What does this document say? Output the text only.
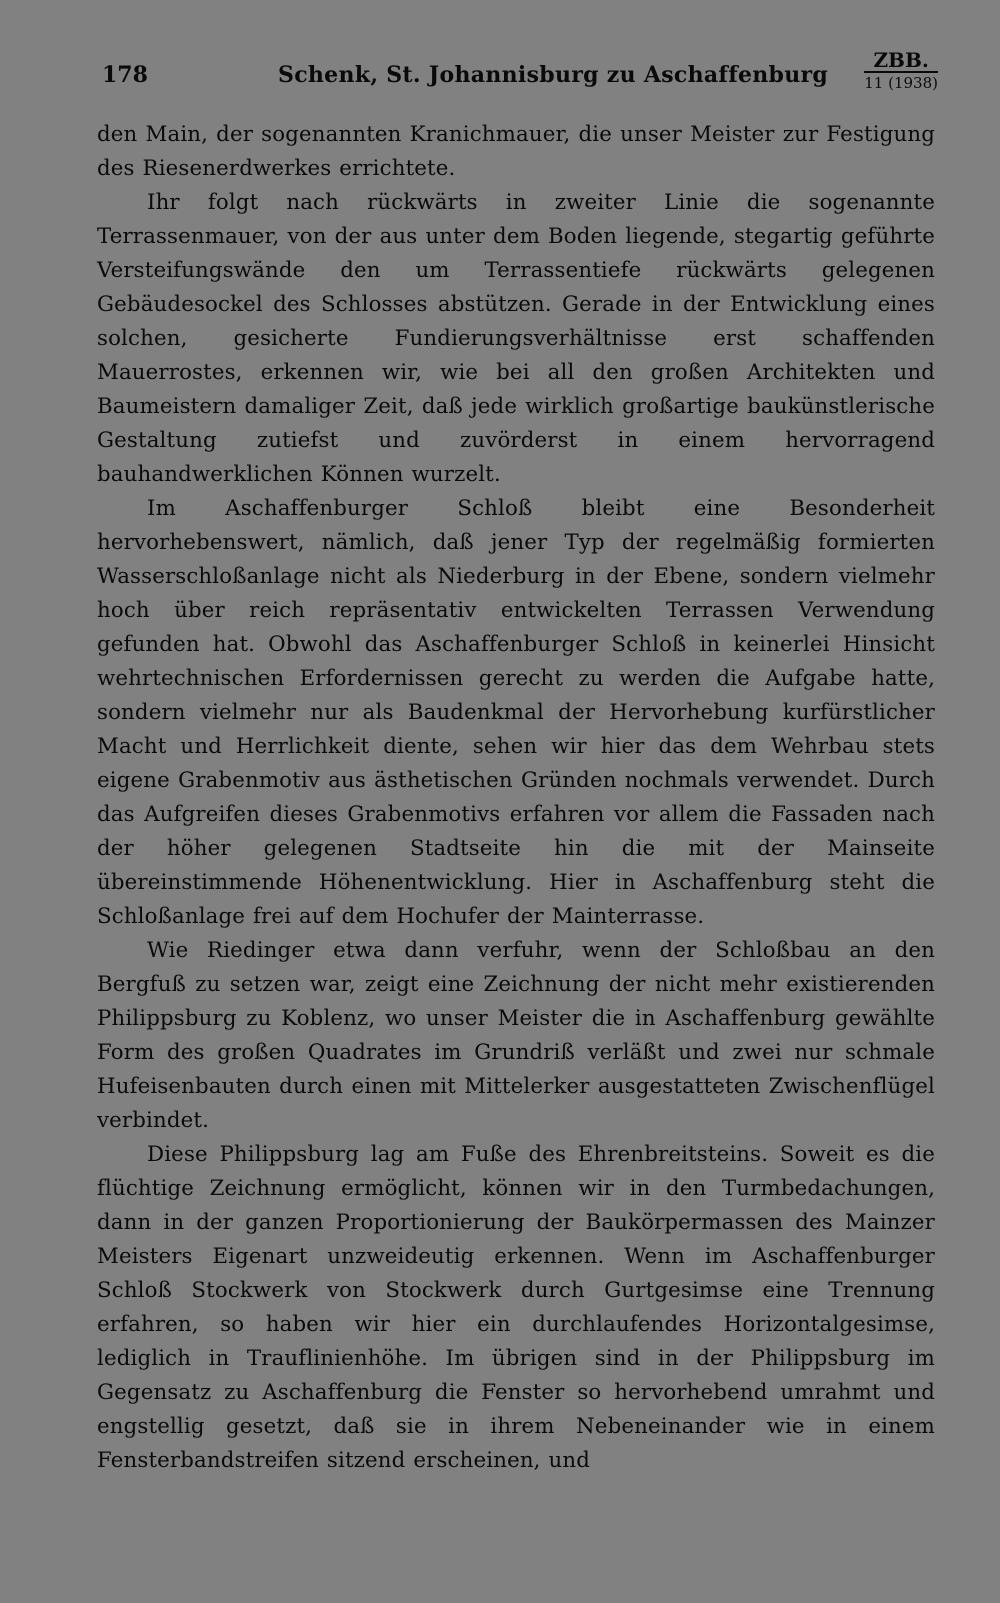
178	Schenk, St. Johannisburg zu Aschaffenburg
ZBB.
11 (1938)

den Main, der sogenannten Kranichmauer, die unser Meister zur Festigung des Riesenerdwerkes errichtete.

Ihr folgt nach rückwärts in zweiter Linie die sogenannte Terrassenmauer, von der aus unter dem Boden liegende, stegartig geführte Versteifungswände den um Terrassentiefe rückwärts gelegenen Gebäudesockel des Schlosses abstützen. Gerade in der Entwicklung eines solchen, gesicherte Fundierungsverhältnisse erst schaffenden Mauerrostes, erkennen wir, wie bei all den großen Architekten und Baumeistern damaliger Zeit, daß jede wirklich großartige baukünstlerische Gestaltung zutiefst und zuvörderst in einem hervorragend bauhandwerklichen Können wurzelt.

Im Aschaffenburger Schloß bleibt eine Besonderheit hervorhebenswert, nämlich, daß jener Typ der regelmäßig formierten Wasserschloßanlage nicht als Niederburg in der Ebene, sondern vielmehr hoch über reich repräsentativ entwickelten Terrassen Verwendung gefunden hat. Obwohl das Aschaffenburger Schloß in keinerlei Hinsicht wehrtechnischen Erfordernissen gerecht zu werden die Aufgabe hatte, sondern vielmehr nur als Baudenkmal der Hervorhebung kurfürstlicher Macht und Herrlichkeit diente, sehen wir hier das dem Wehrbau stets eigene Grabenmotiv aus ästhetischen Gründen nochmals verwendet. Durch das Aufgreifen dieses Grabenmotivs erfahren vor allem die Fassaden nach der höher gelegenen Stadtseite hin die mit der Mainseite übereinstimmende Höhenentwicklung. Hier in Aschaffenburg steht die Schloßanlage frei auf dem Hochufer der Mainterrasse.

Wie Riedinger etwa dann verfuhr, wenn der Schloßbau an den Bergfuß zu setzen war, zeigt eine Zeichnung der nicht mehr existierenden Philippsburg zu Koblenz, wo unser Meister die in Aschaffenburg gewählte Form des großen Quadrates im Grundriß verläßt und zwei nur schmale Hufeisenbauten durch einen mit Mittelerker ausgestatteten Zwischenflügel verbindet.

Diese Philippsburg lag am Fuße des Ehrenbreitsteins. Soweit es die flüchtige Zeichnung ermöglicht, können wir in den Turmbedachungen, dann in der ganzen Proportionierung der Baukörpermassen des Mainzer Meisters Eigenart unzweideutig erkennen. Wenn im Aschaffenburger Schloß Stockwerk von Stockwerk durch Gurtgesimse eine Trennung erfahren, so haben wir hier ein durchlaufendes Horizontalgesimse, lediglich in Trauflinienhöhe. Im übrigen sind in der Philippsburg im Gegensatz zu Aschaffenburg die Fenster so hervorhebend umrahmt und engstellig gesetzt, daß sie in ihrem Nebeneinander wie in einem Fensterbandstreifen sitzend erscheinen, und
